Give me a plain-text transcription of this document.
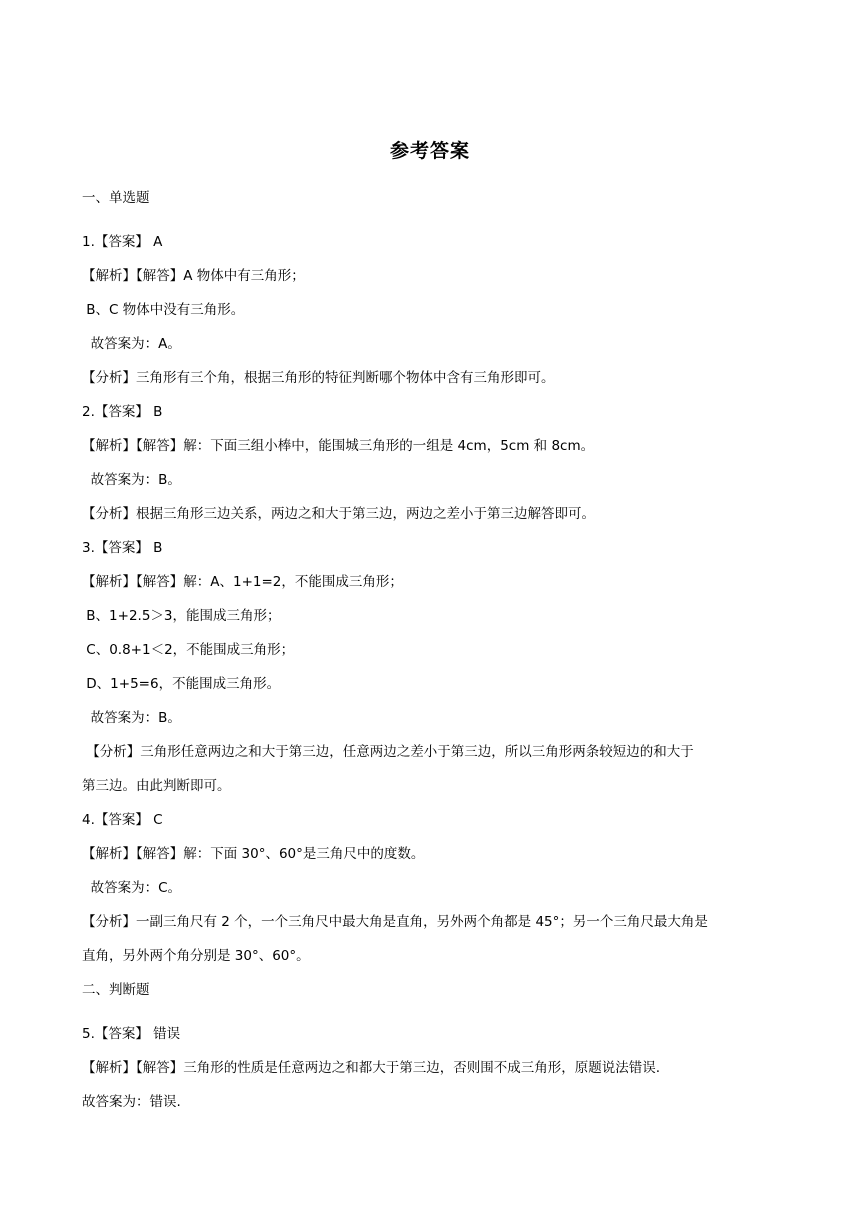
参考答案
一、单选题
1.【答案】 A
【解析】【解答】A 物体中有三角形；
B、C 物体中没有三角形。
故答案为：A。
【分析】三角形有三个角，根据三角形的特征判断哪个物体中含有三角形即可。
2.【答案】 B
【解析】【解答】解：下面三组小棒中，能围城三角形的一组是 4cm，5cm 和 8cm。
故答案为：B。
【分析】根据三角形三边关系，两边之和大于第三边，两边之差小于第三边解答即可。
3.【答案】 B
【解析】【解答】解：A、1+1=2，不能围成三角形；
B、1+2.5＞3，能围成三角形；
C、0.8+1＜2，不能围成三角形；
D、1+5=6，不能围成三角形。
故答案为：B。
【分析】三角形任意两边之和大于第三边，任意两边之差小于第三边，所以三角形两条较短边的和大于
第三边。由此判断即可。
4.【答案】 C
【解析】【解答】解：下面 30°、60°是三角尺中的度数。
故答案为：C。
【分析】一副三角尺有 2 个，一个三角尺中最大角是直角，另外两个角都是 45°；另一个三角尺最大角是
直角，另外两个角分别是 30°、60°。
二、判断题
5.【答案】 错误
【解析】【解答】三角形的性质是任意两边之和都大于第三边，否则围不成三角形，原题说法错误.
故答案为：错误.
